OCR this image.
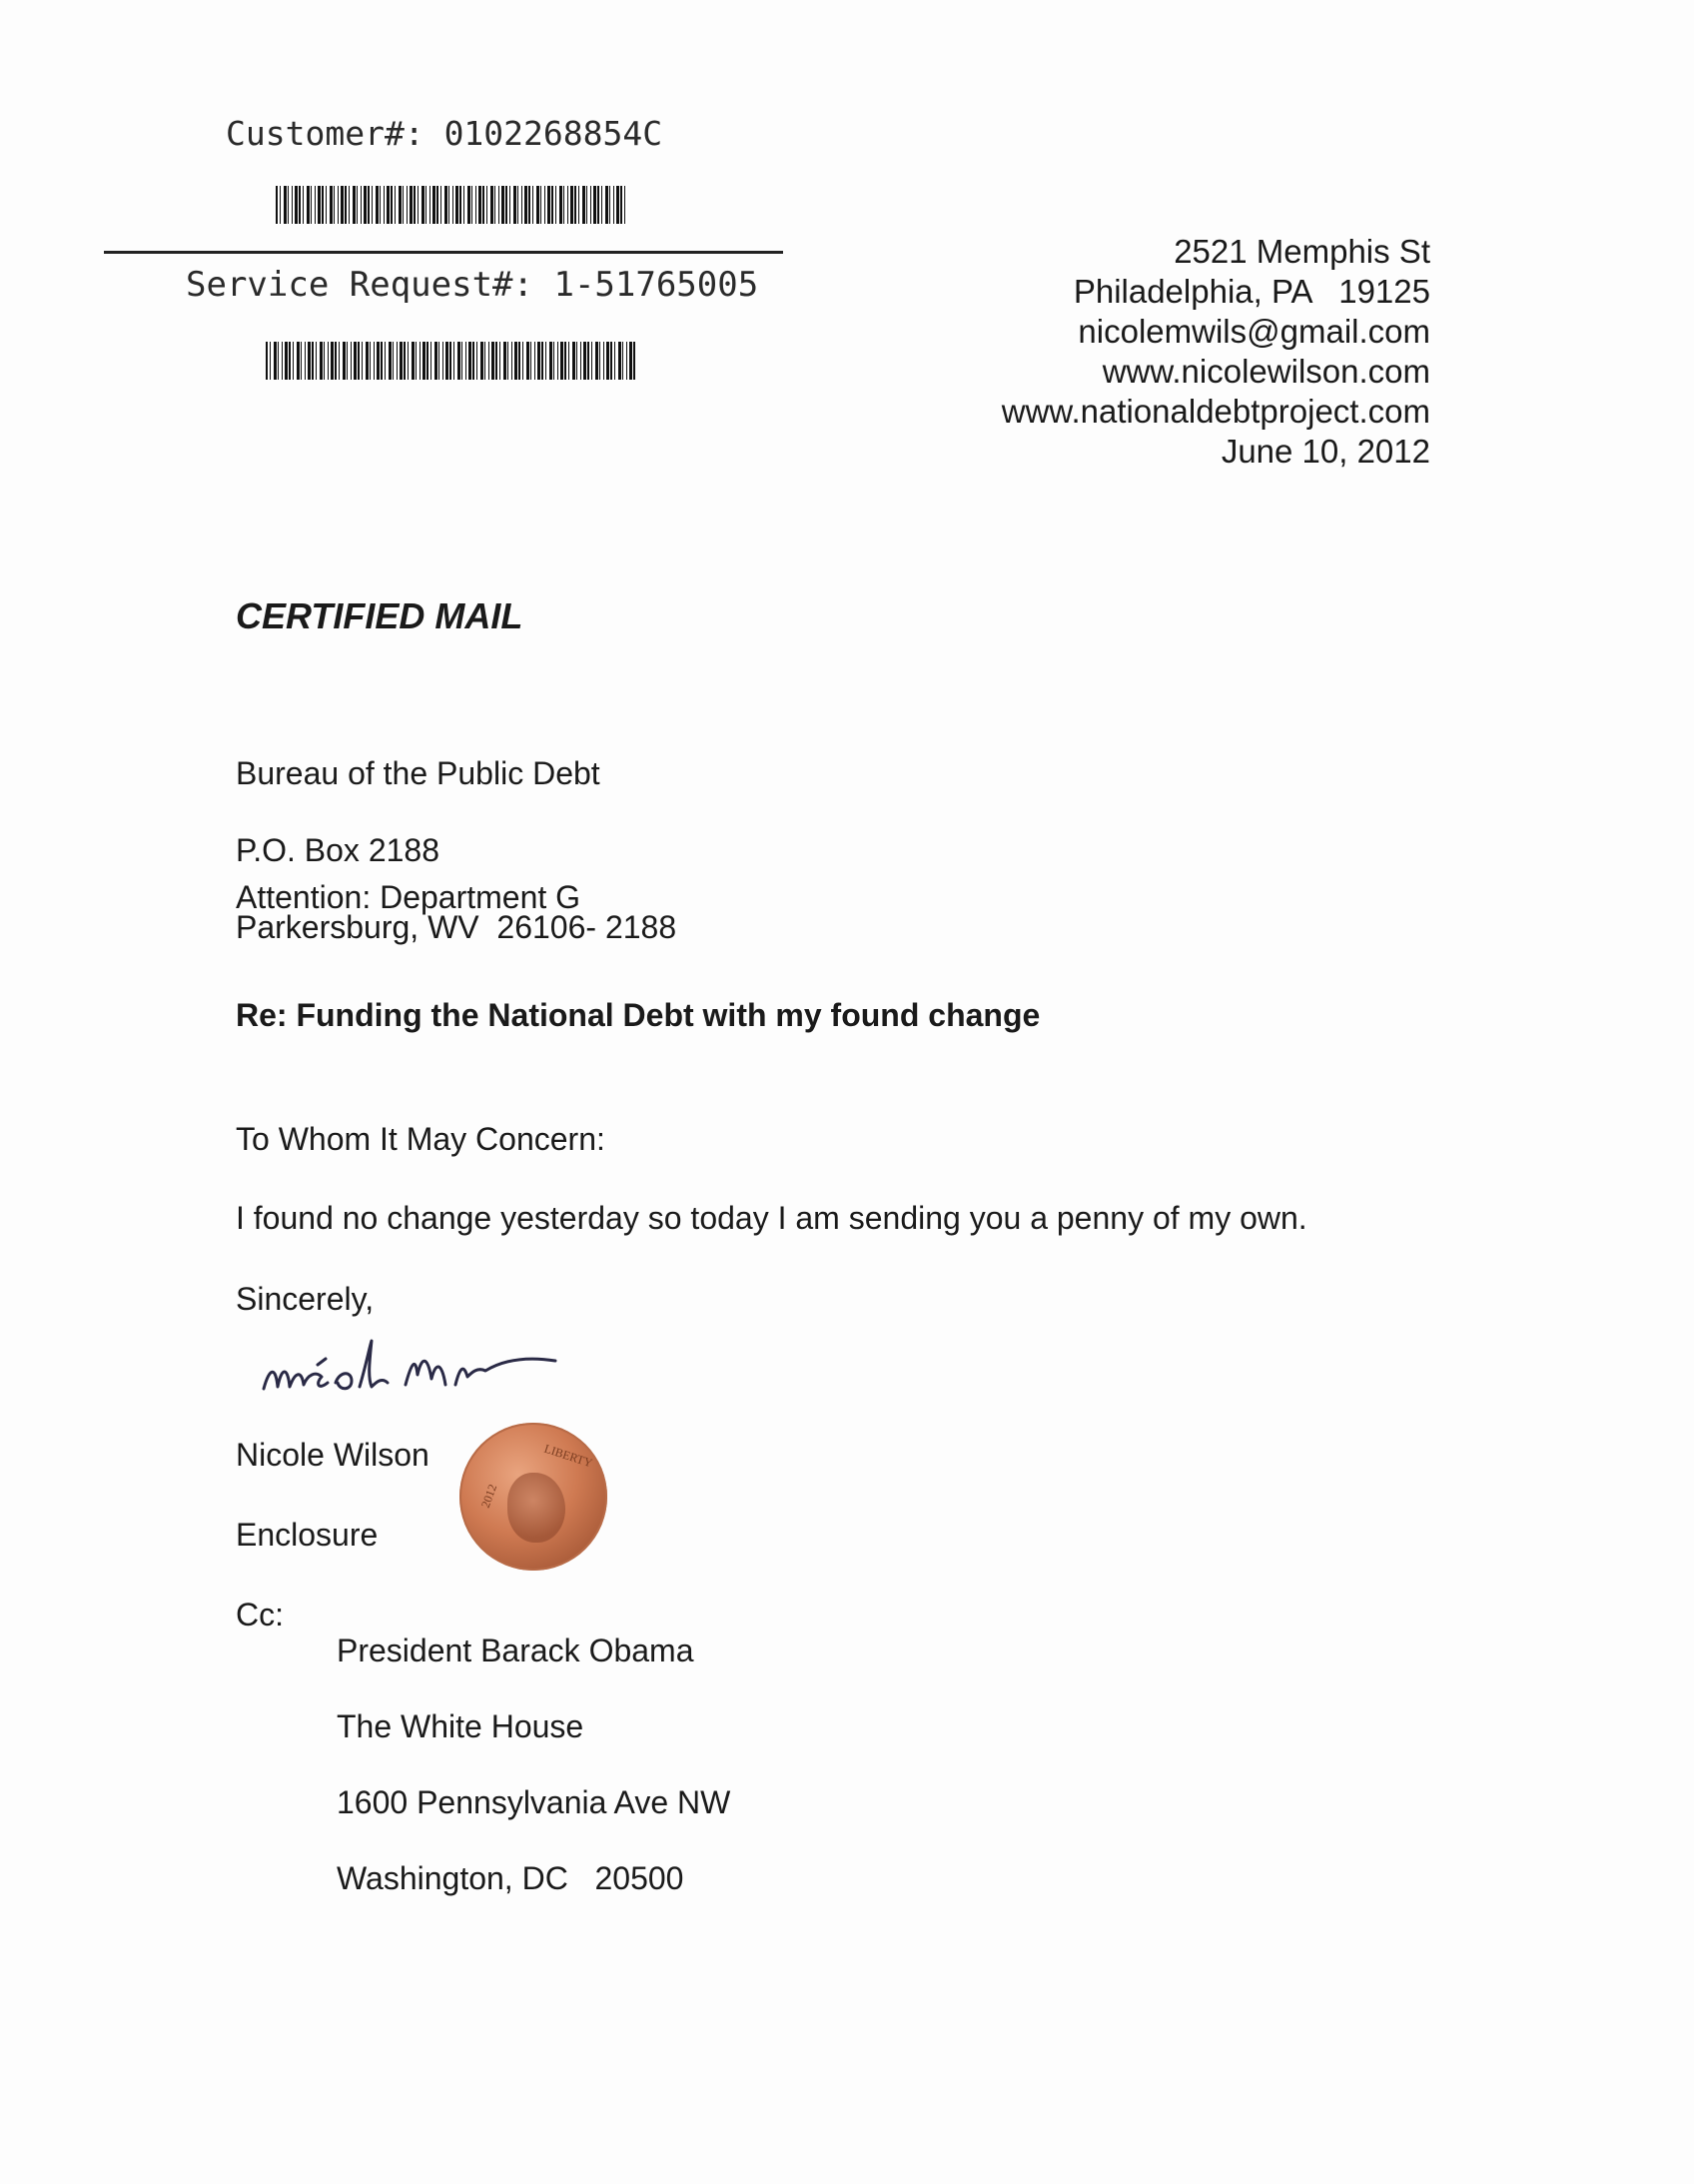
Customer#: 0102268854C
Service Request#: 1-51765005
2521 Memphis St
Philadelphia, PA   19125
nicolemwils@gmail.com
www.nicolewilson.com
www.nationaldebtproject.com
June 10, 2012
CERTIFIED MAIL

Bureau of the Public Debt

P.O. Box 2188

Parkersburg, WV  26106- 2188

Attention: Department G
Re: Funding the National Debt with my found change
To Whom It May Concern:
I found no change yesterday so today I am sending you a penny of my own.
Sincerely,
Nicole Wilson
Enclosure
LIBERTY
2012
Cc:

President Barack Obama

The White House

1600 Pennsylvania Ave NW

Washington, DC   20500
